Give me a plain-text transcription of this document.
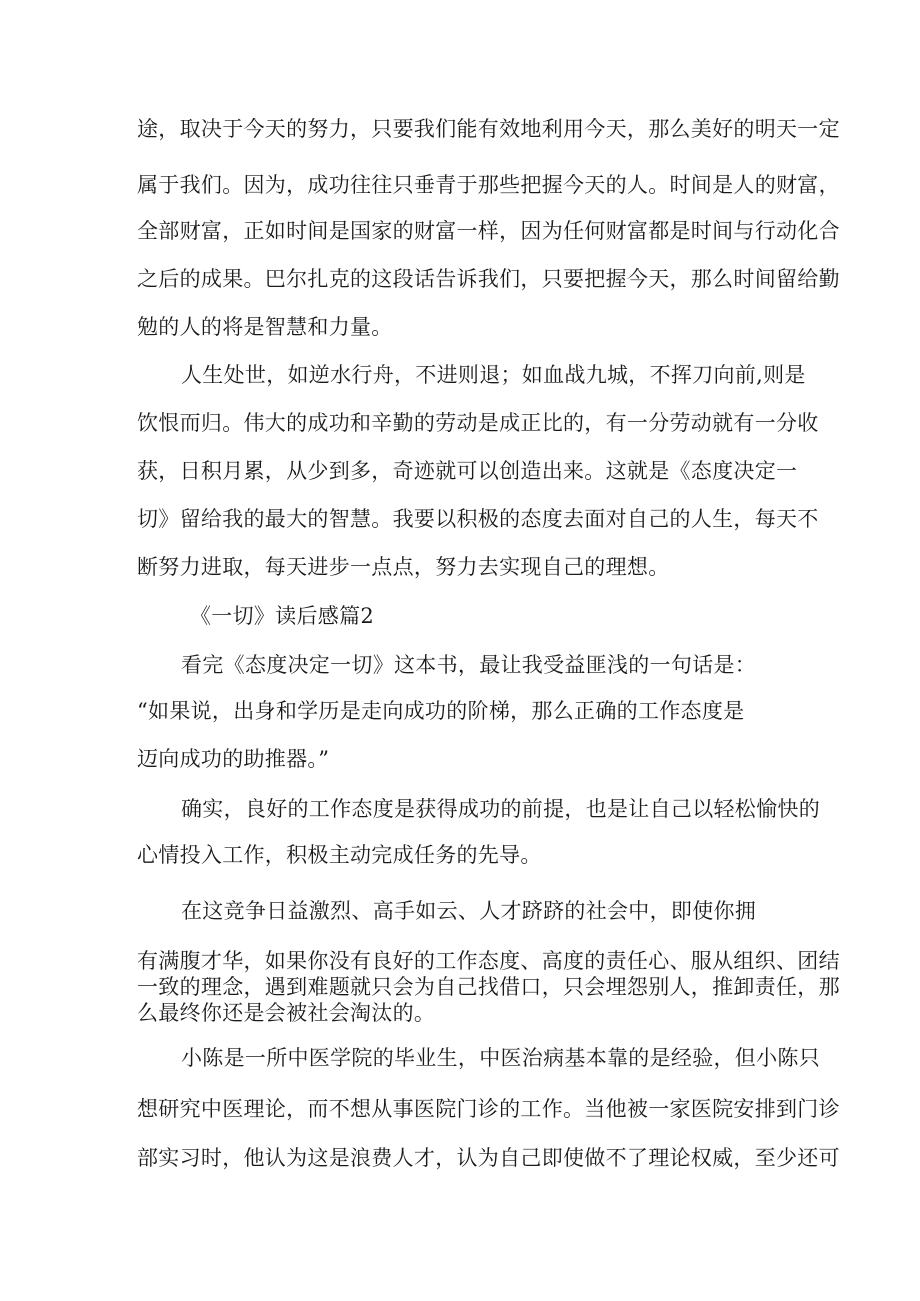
途，取决于今天的努力，只要我们能有效地利用今天，那么美好的明天一定
属于我们。因为，成功往往只垂青于那些把握今天的人。时间是人的财富，
全部财富，正如时间是国家的财富一样，因为任何财富都是时间与行动化合
之后的成果。巴尔扎克的这段话告诉我们，只要把握今天，那么时间留给勤
勉的人的将是智慧和力量。
人生处世，如逆水行舟，不进则退；如血战九城，不挥刀向前,则是
饮恨而归。伟大的成功和辛勤的劳动是成正比的，有一分劳动就有一分收
获，日积月累，从少到多，奇迹就可以创造出来。这就是《态度决定一
切》留给我的最大的智慧。我要以积极的态度去面对自己的人生，每天不
断努力进取，每天进步一点点，努力去实现自己的理想。
《一切》读后感篇2
看完《态度决定一切》这本书，最让我受益匪浅的一句话是：
“如果说，出身和学历是走向成功的阶梯，那么正确的工作态度是
迈向成功的助推器。”
确实，良好的工作态度是获得成功的前提，也是让自己以轻松愉快的
心情投入工作，积极主动完成任务的先导。
在这竞争日益激烈、高手如云、人才跻跻的社会中，即使你拥
有满腹才华，如果你没有良好的工作态度、高度的责任心、服从组织、团结
一致的理念，遇到难题就只会为自己找借口，只会埋怨别人，推卸责任，那
么最终你还是会被社会淘汰的。
小陈是一所中医学院的毕业生，中医治病基本靠的是经验，但小陈只
想研究中医理论，而不想从事医院门诊的工作。当他被一家医院安排到门诊
部实习时，他认为这是浪费人才，认为自己即使做不了理论权威，至少还可
